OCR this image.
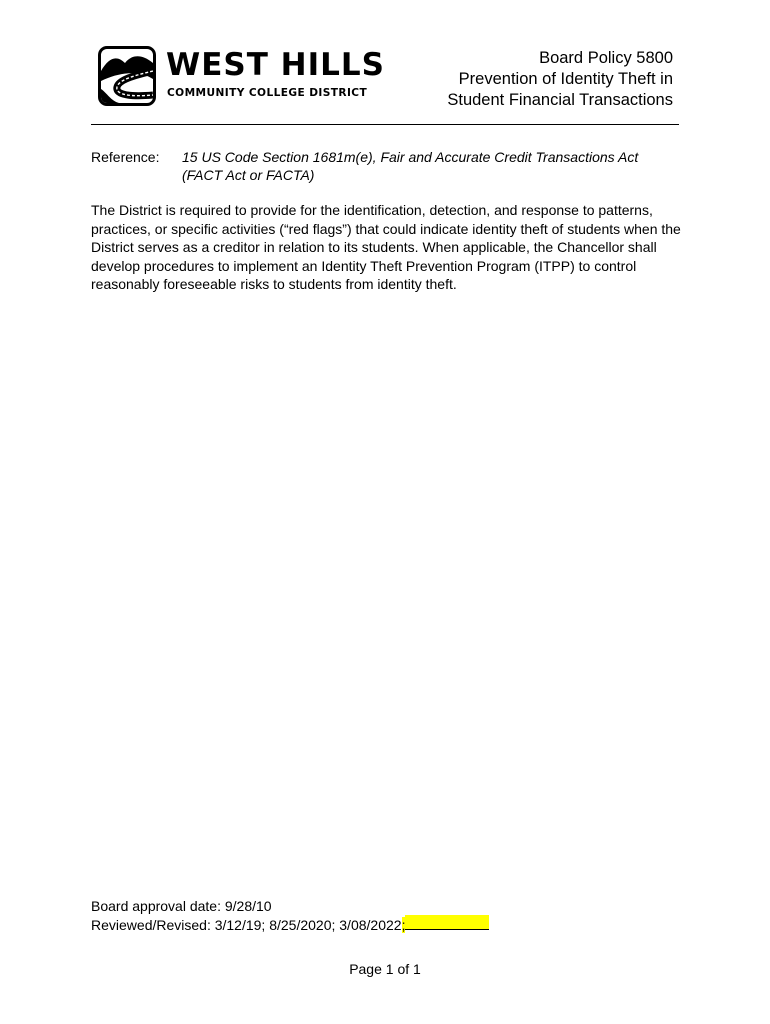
WEST HILLS
COMMUNITY COLLEGE DISTRICT
Board Policy 5800
Prevention of Identity Theft in
Student Financial Transactions
Reference: 15 US Code Section 1681m(e), Fair and Accurate Credit Transactions Act
(FACT Act or FACTA)
The District is required to provide for the identification, detection, and response to patterns, practices, or specific activities (“red flags”) that could indicate identity theft of students when the District serves as a creditor in relation to its students. When applicable, the Chancellor shall develop procedures to implement an Identity Theft Prevention Program (ITPP) to control reasonably foreseeable risks to students from identity theft.
Board approval date: 9/28/10
Reviewed/Revised: 3/12/19; 8/25/2020; 3/08/2022;
Page 1 of 1
